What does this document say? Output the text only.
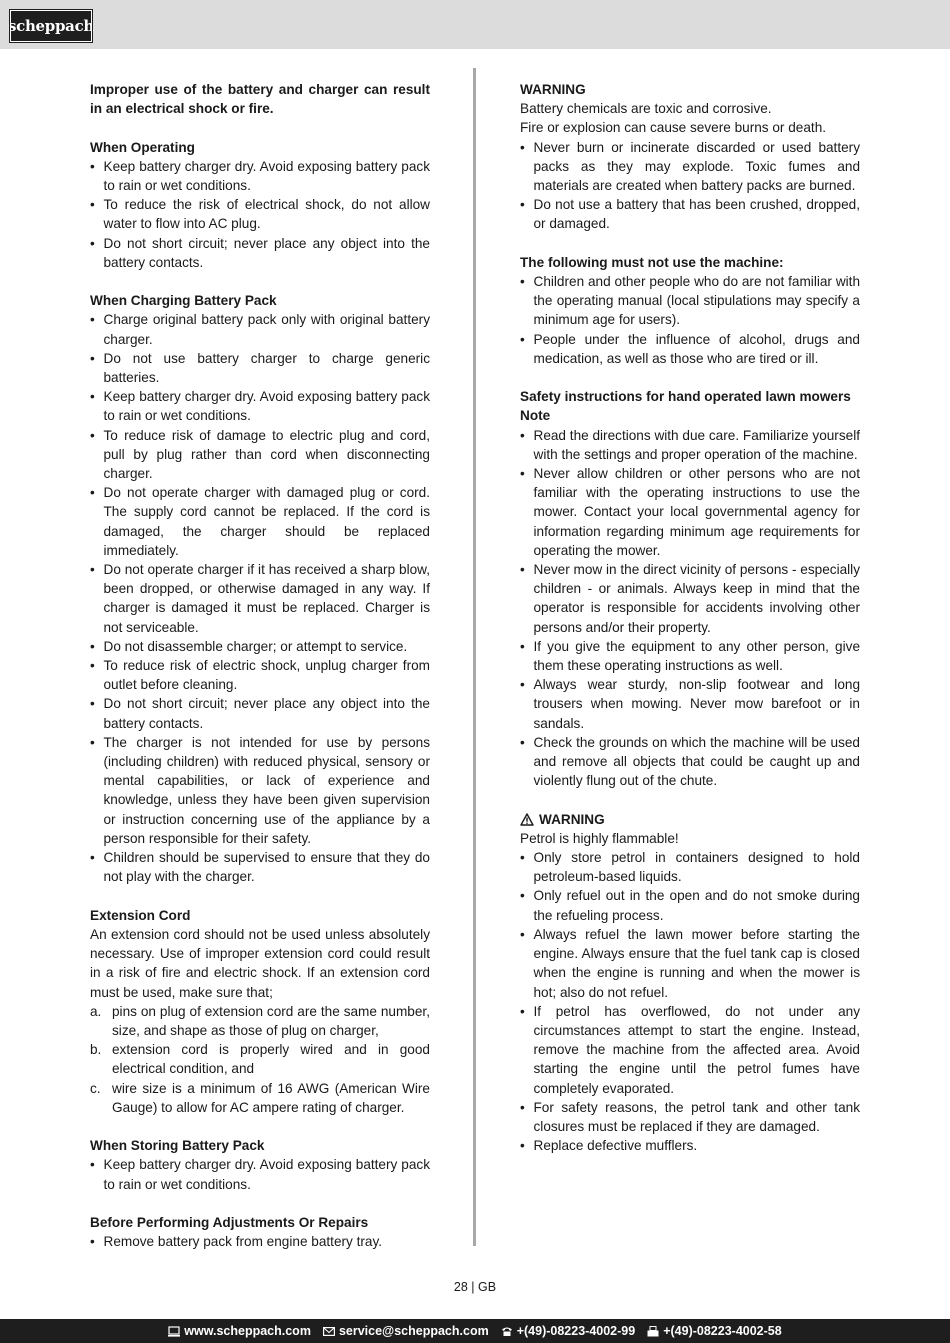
scheppach

Improper use of the battery and charger can result in an electrical shock or fire.

When Operating

• Keep battery charger dry. Avoid exposing battery pack to rain or wet conditions.
• To reduce the risk of electrical shock, do not allow water to flow into AC plug.
• Do not short circuit; never place any object into the battery contacts.

When Charging Battery Pack

• Charge original battery pack only with original battery charger.
• Do not use battery charger to charge generic batteries.
• Keep battery charger dry. Avoid exposing battery pack to rain or wet conditions.
• To reduce risk of damage to electric plug and cord, pull by plug rather than cord when disconnecting charger.
• Do not operate charger with damaged plug or cord. The supply cord cannot be replaced. If the cord is damaged, the charger should be replaced immediately.
• Do not operate charger if it has received a sharp blow, been dropped, or otherwise damaged in any way. If charger is damaged it must be replaced. Charger is not serviceable.
• Do not disassemble charger; or attempt to service.
• To reduce risk of electric shock, unplug charger from outlet before cleaning.
• Do not short circuit; never place any object into the battery contacts.
• The charger is not intended for use by persons (including children) with reduced physical, sensory or mental capabilities, or lack of experience and knowledge, unless they have been given supervision or instruction concerning use of the appliance by a person responsible for their safety.
• Children should be supervised to ensure that they do not play with the charger.

Extension Cord

An extension cord should not be used unless absolutely necessary. Use of improper extension cord could result in a risk of fire and electric shock. If an extension cord must be used, make sure that;

a. pins on plug of extension cord are the same number, size, and shape as those of plug on charger,
b. extension cord is properly wired and in good electrical condition, and
c. wire size is a minimum of 16 AWG (American Wire Gauge) to allow for AC ampere rating of charger.

When Storing Battery Pack

• Keep battery charger dry. Avoid exposing battery pack to rain or wet conditions.

Before Performing Adjustments Or Repairs

• Remove battery pack from engine battery tray.

WARNING

Battery chemicals are toxic and corrosive.

Fire or explosion can cause severe burns or death.

• Never burn or incinerate discarded or used battery packs as they may explode. Toxic fumes and materials are created when battery packs are burned.
• Do not use a battery that has been crushed, dropped, or damaged.

The following must not use the machine:

• Children and other people who do are not familiar with the operating manual (local stipulations may specify a minimum age for users).
• People under the influence of alcohol, drugs and medication, as well as those who are tired or ill.

Safety instructions for hand operated lawn mowers

Note

• Read the directions with due care. Familiarize yourself with the settings and proper operation of the machine.
• Never allow children or other persons who are not familiar with the operating instructions to use the mower. Contact your local governmental agency for information regarding minimum age requirements for operating the mower.
• Never mow in the direct vicinity of persons - especially children - or animals. Always keep in mind that the operator is responsible for accidents involving other persons and/or their property.
• If you give the equipment to any other person, give them these operating instructions as well.
• Always wear sturdy, non-slip footwear and long trousers when mowing. Never mow barefoot or in sandals.
• Check the grounds on which the machine will be used and remove all objects that could be caught up and violently flung out of the chute.

WARNING

Petrol is highly flammable!

• Only store petrol in containers designed to hold petroleum-based liquids.
• Only refuel out in the open and do not smoke during the refueling process.
• Always refuel the lawn mower before starting the engine. Always ensure that the fuel tank cap is closed when the engine is running and when the mower is hot; also do not refuel.
• If petrol has overflowed, do not under any circumstances attempt to start the engine. Instead, remove the machine from the affected area. Avoid starting the engine until the petrol fumes have completely evaporated.
• For safety reasons, the petrol tank and other tank closures must be replaced if they are damaged.
• Replace defective mufflers.
28 | GB
www.scheppach.com service@scheppach.com +(49)-08223-4002-99 +(49)-08223-4002-58
